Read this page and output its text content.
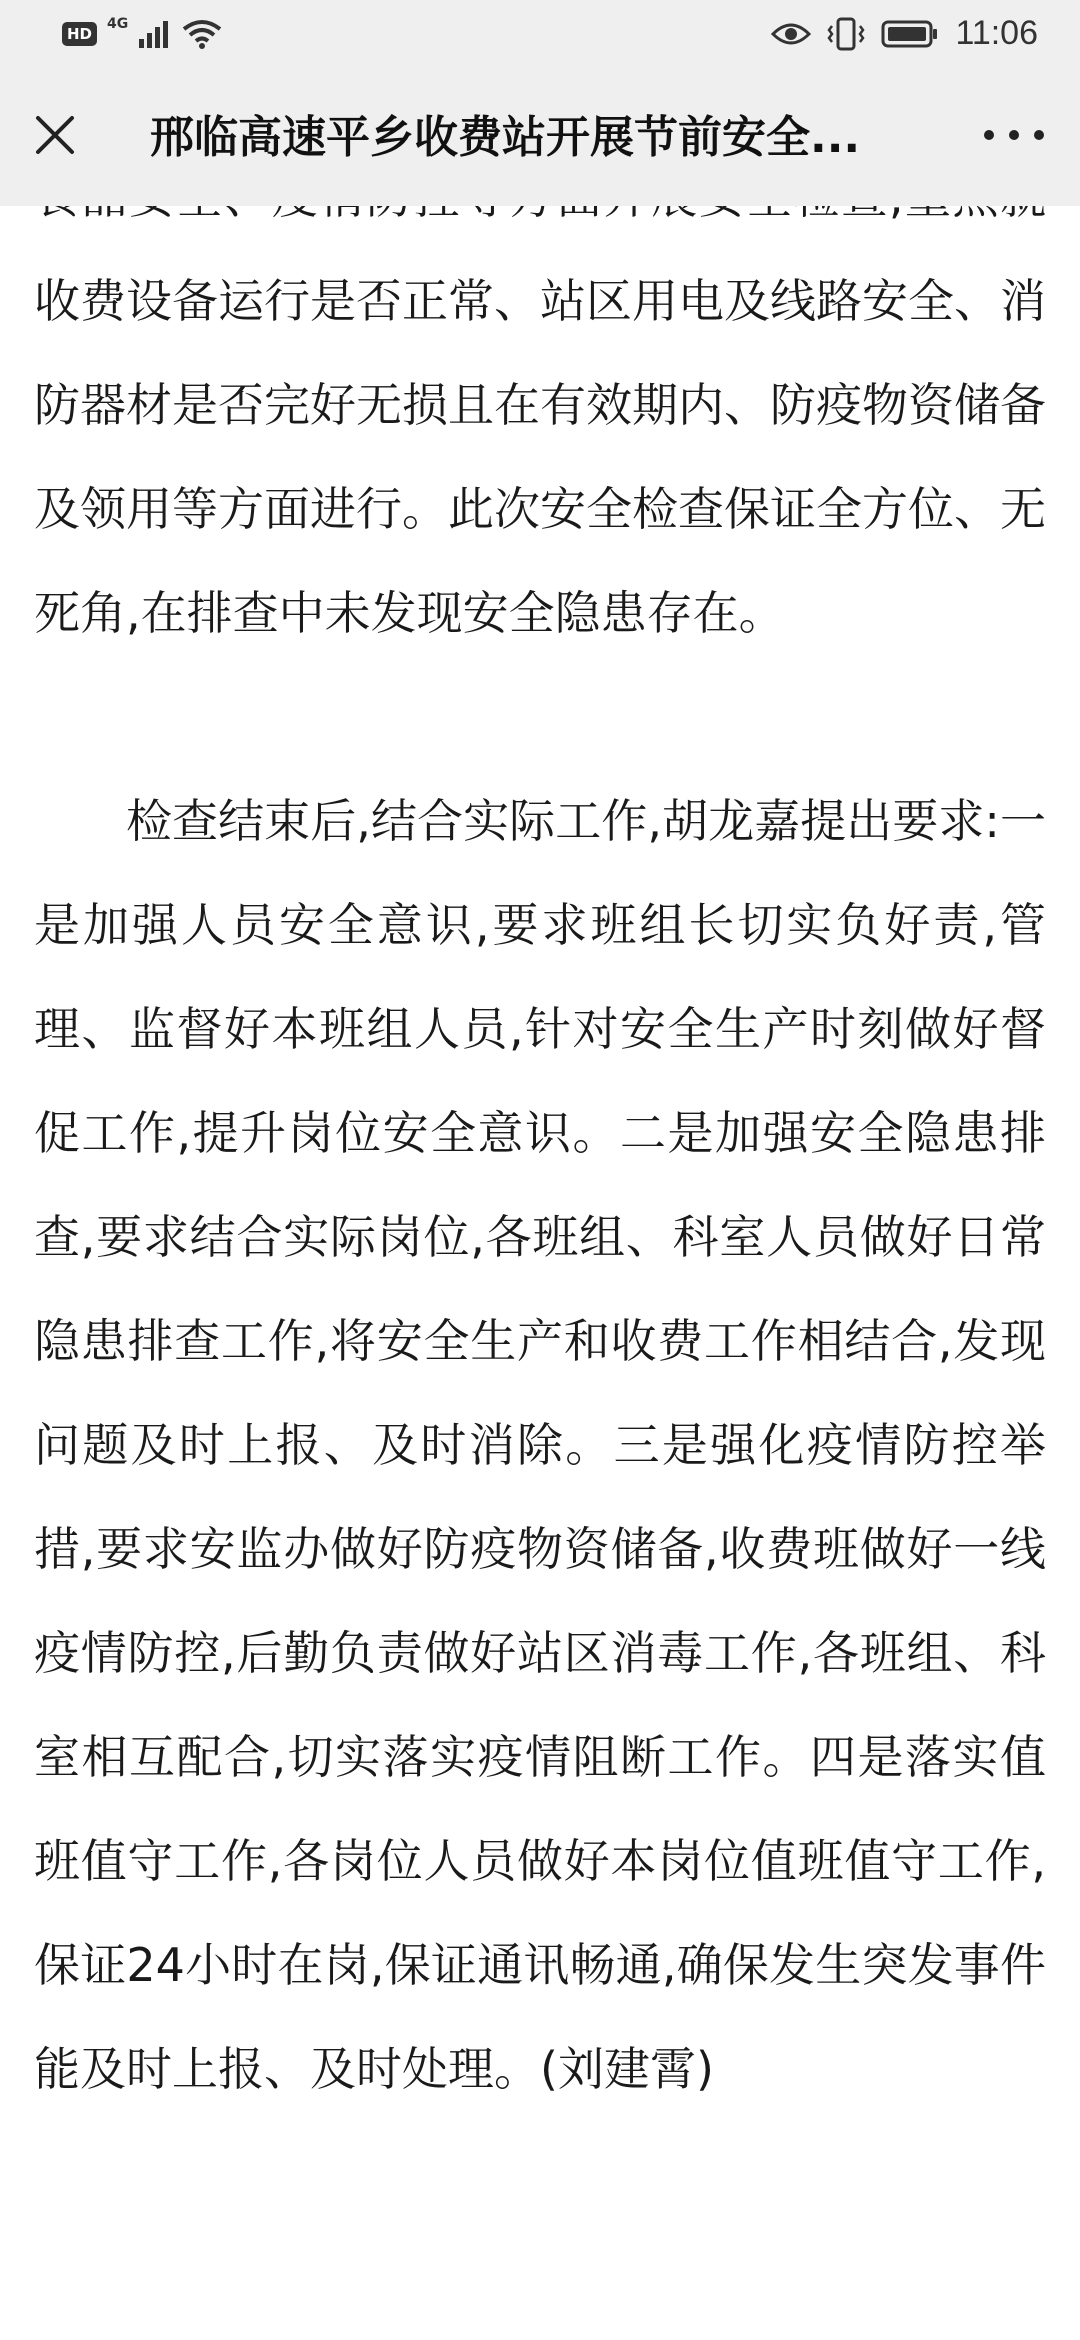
HD
4G	11:06
邢临高速平乡收费站开展节前安全...

收费设备运行是否正常、站区用电及线路安全、消防器材是否完好无损且在有效期内、防疫物资储备及领用等方面进行。此次安全检查保证全方位、无死角,在排查中未发现安全隐患存在。

检查结束后,结合实际工作,胡龙嘉提出要求:一是加强人员安全意识,要求班组长切实负好责,管理、监督好本班组人员,针对安全生产时刻做好督促工作,提升岗位安全意识。二是加强安全隐患排查,要求结合实际岗位,各班组、科室人员做好日常隐患排查工作,将安全生产和收费工作相结合,发现问题及时上报、及时消除。三是强化疫情防控举措,要求安监办做好防疫物资储备,收费班做好一线疫情防控,后勤负责做好站区消毒工作,各班组、科室相互配合,切实落实疫情阻断工作。四是落实值班值守工作,各岗位人员做好本岗位值班值守工作,保证24小时在岗,保证通讯畅通,确保发生突发事件能及时上报、及时处理。(刘建霄)
